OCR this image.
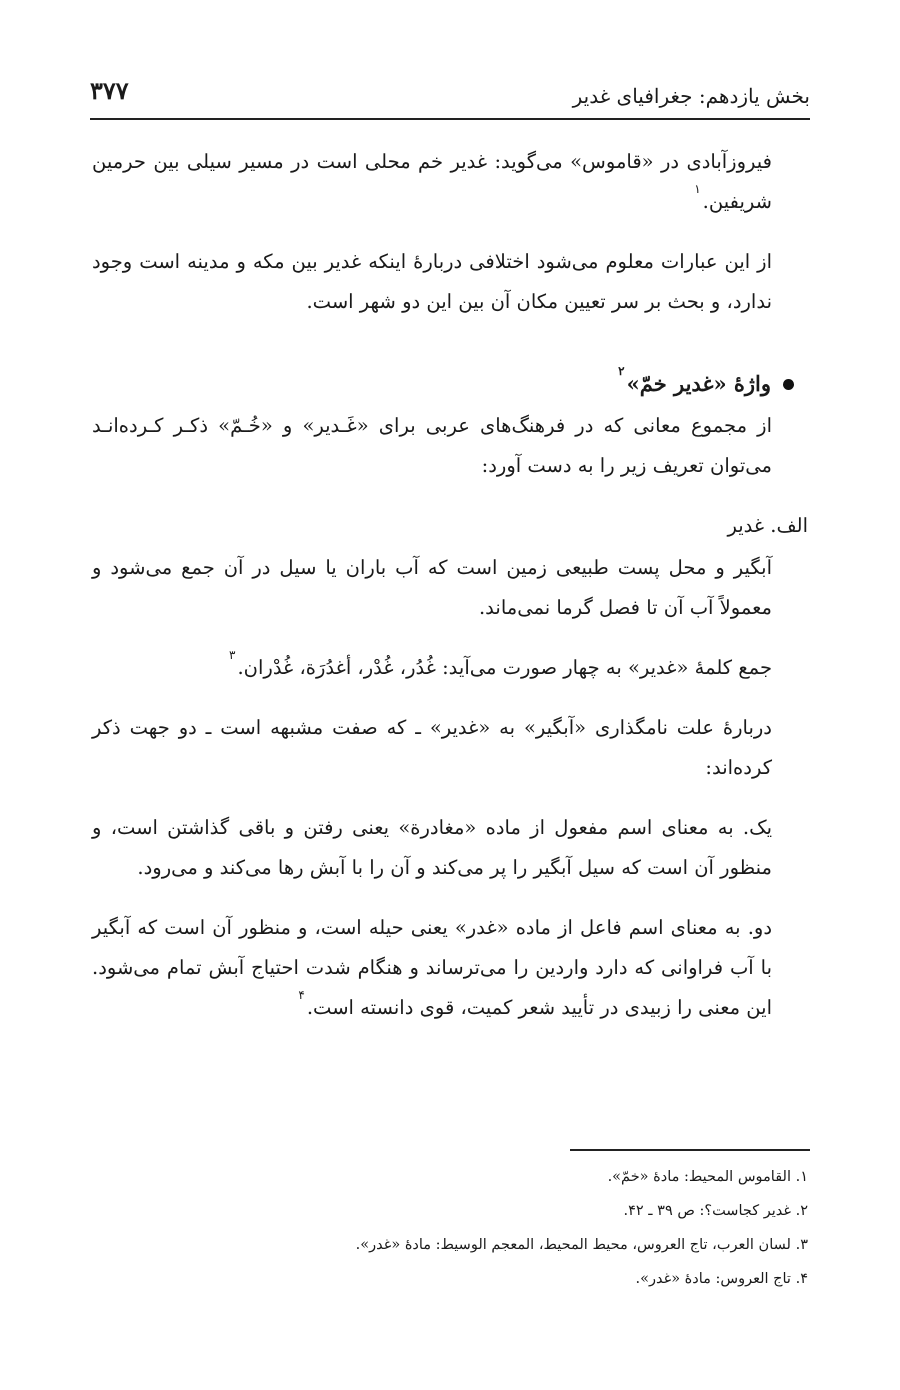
۳۷۷	بخش یازدهم: جغرافیای غدیر

فیروزآبادی در «قاموس» می‌گوید: غدیر خم محلی است در مسیر سیلی بین حرمین شریفین.$^۱$

از این عبارات معلوم می‌شود اختلافی دربارهٔ اینکه غدیر بین مکه و مدینه است وجود ندارد، و بحث بر سر تعیین مکان آن بین این دو شهر است.

واژهٔ «غدیر خمّ»$^۲$

از مجموع معانی که در فرهنگ‌های عربی برای «غَـدیر» و «خُـمّ» ذکـر کـرده‌انـد می‌توان تعریف زیر را به دست آورد:

الف. غدیر

آبگیر و محل پست طبیعی زمین است که آب باران یا سیل در آن جمع می‌شود و معمولاً آب آن تا فصل گرما نمی‌ماند.

جمع کلمهٔ «غدیر» به چهار صورت می‌آید: غُدُر، غُدْر، أغدُرَة، غُدْران.$^۳$

دربارهٔ علت نامگذاری «آبگیر» به «غدیر» ـ که صفت مشبهه است ـ دو جهت ذکر کرده‌اند:

یک. به معنای اسم مفعول از ماده «مغادرة» یعنی رفتن و باقی گذاشتن است، و منظور آن است که سیل آبگیر را پر می‌کند و آن را با آبش رها می‌کند و می‌رود.

دو. به معنای اسم فاعل از ماده «غدر» یعنی حیله است، و منظور آن است که آبگیر با آب فراوانی که دارد واردین را می‌ترساند و هنگام شدت احتیاج آبش تمام می‌شود. این معنی را زبیدی در تأیید شعر کمیت، قوی دانسته است.$^۴$

۱. القاموس المحیط: مادهٔ «خمّ».
۲. غدیر کجاست؟: ص ۳۹ ـ ۴۲.
۳. لسان العرب، تاج العروس، محیط المحیط، المعجم الوسیط: مادهٔ «غدر».
۴. تاج العروس: مادهٔ «غدر».
